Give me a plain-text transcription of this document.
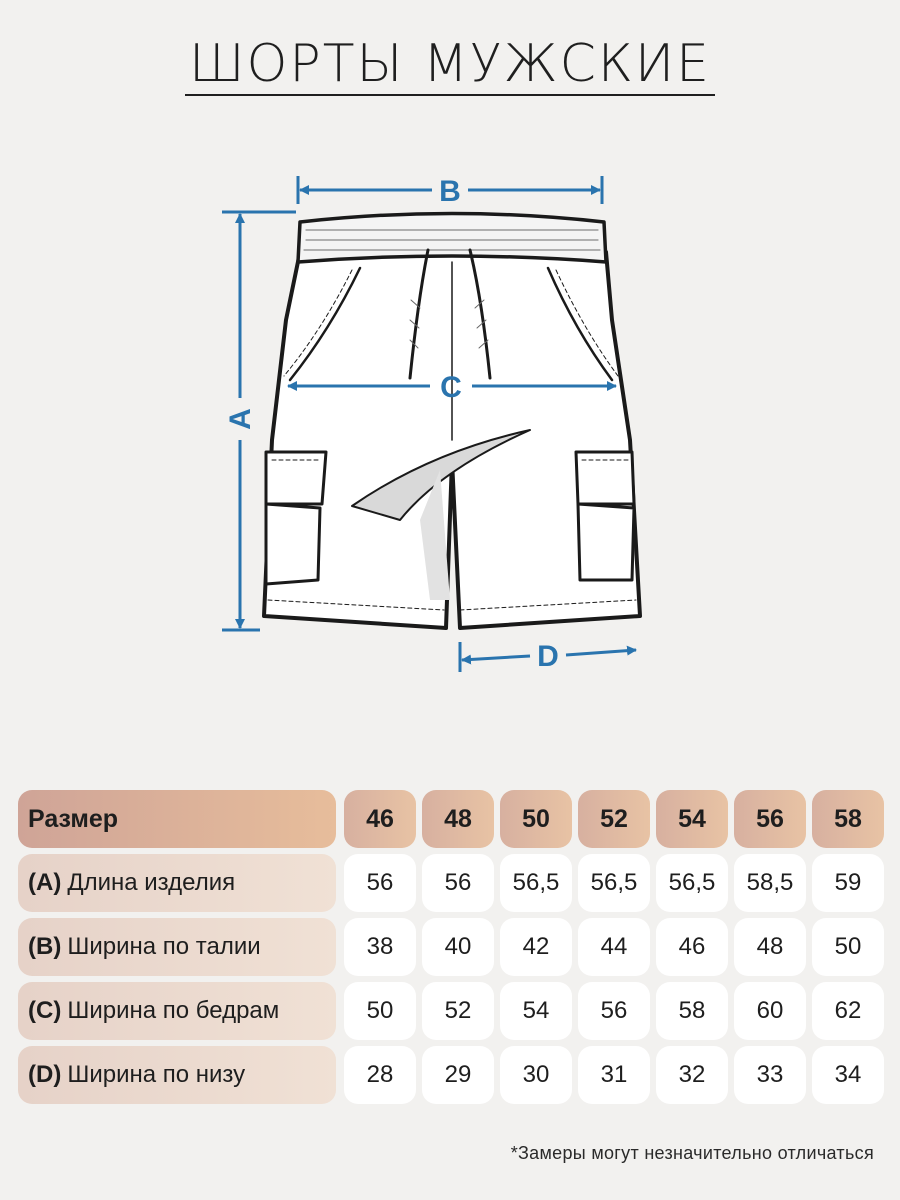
ШОРТЫ МУЖСКИЕ
B
A
C
D
Размер	46	48	50	52	54	56	58
(A) Длина изделия	56	56	56,5	56,5	56,5	58,5	59
(B) Ширина по талии	38	40	42	44	46	48	50
(C) Ширина по бедрам	50	52	54	56	58	60	62
(D) Ширина по низу	28	29	30	31	32	33	34
*Замеры могут незначительно отличаться
